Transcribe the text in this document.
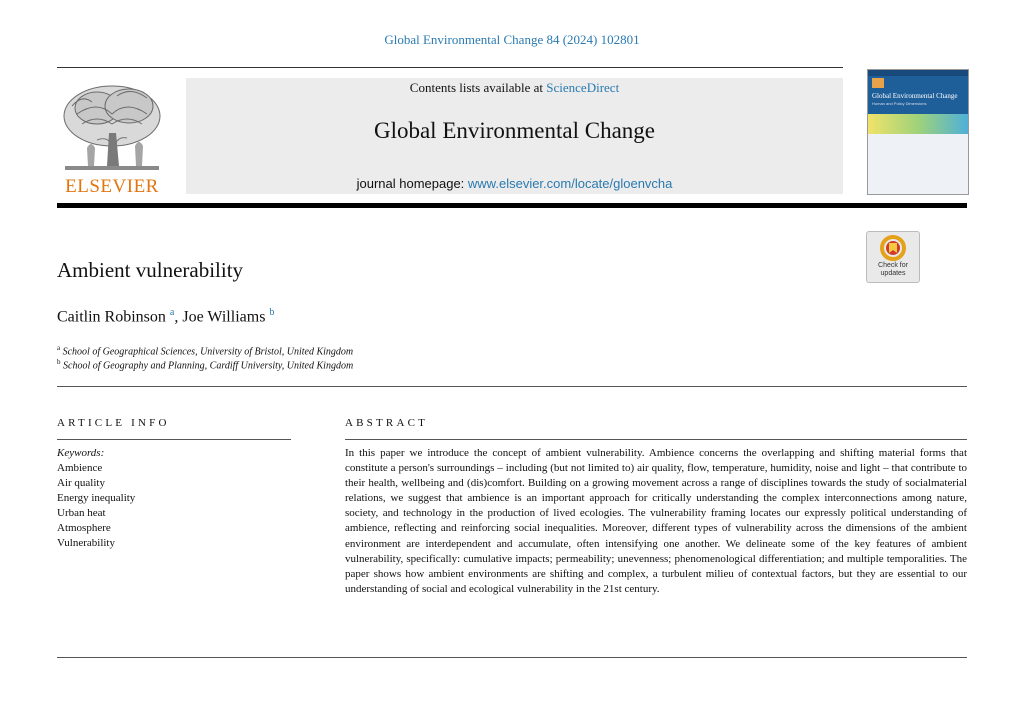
Global Environmental Change 84 (2024) 102801
ELSEVIER
Contents lists available at ScienceDirect
Global Environmental Change
journal homepage: www.elsevier.com/locate/gloenvcha
Global Environmental Change
Human and Policy Dimensions
Check for
updates
Ambient vulnerability
Caitlin Robinson $^a$, Joe Williams $^b$
$^a$ School of Geographical Sciences, University of Bristol, United Kingdom
$^b$ School of Geography and Planning, Cardiff University, United Kingdom
ARTICLE INFO	ABSTRACT
Keywords:
Ambience
Air quality
Energy inequality
Urban heat
Atmosphere
Vulnerability
In this paper we introduce the concept of ambient vulnerability. Ambience concerns the overlapping and shifting material forms that constitute a person's surroundings – including (but not limited to) air quality, flow, temperature, humidity, noise and light – that contribute to their health, wellbeing and (dis)comfort. Building on a growing movement across a range of disciplines towards the study of socialmaterial relations, we suggest that ambience is an important approach for critically understanding the complex interconnections among nature, society, and technology in the production of lived ecologies. The vulnerability framing locates our expressly political understanding of ambience, reflecting and reinforcing social inequalities. Moreover, different types of vulnerability across the dimensions of the ambient environment are interdependent and accumulate, often intensifying one another. We delineate some of the key features of ambient vulnerability, specifically: cumulative impacts; permeability; unevenness; phenomenological differentiation; and multiple temporalities. The paper shows how ambient environments are shifting and complex, a turbulent milieu of contextual factors, but they are essential to our understanding of social and ecological vulnerability in the 21st century.
